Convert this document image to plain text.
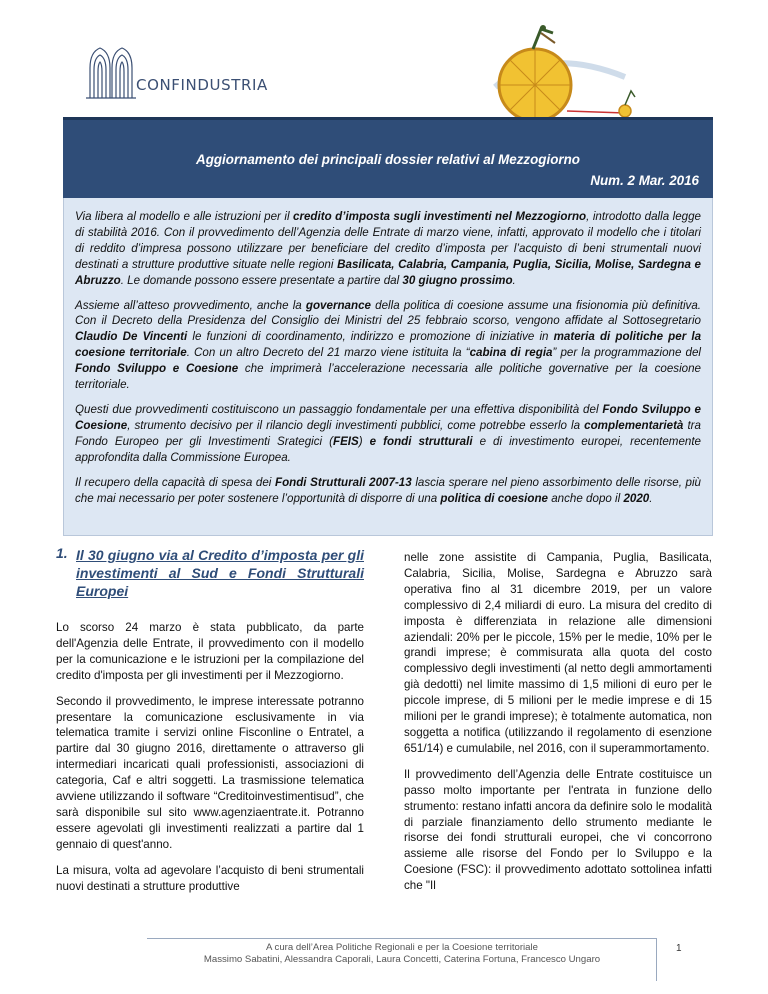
CONFINDUSTRIA
Aggiornamento dei principali dossier relativi al Mezzogiorno
Num. 2 Mar. 2016

Via libera al modello e alle istruzioni per il credito d’imposta sugli investimenti nel Mezzogiorno, introdotto dalla legge di stabilità 2016. Con il provvedimento dell’Agenzia delle Entrate di marzo viene, infatti, approvato il modello che i titolari di reddito d’impresa possono utilizzare per beneficiare del credito d’imposta per l’acquisto di beni strumentali nuovi destinati a strutture produttive situate nelle regioni Basilicata, Calabria, Campania, Puglia, Sicilia, Molise, Sardegna e Abruzzo. Le domande possono essere presentate a partire dal 30 giugno prossimo.

Assieme all’atteso provvedimento, anche la governance della politica di coesione assume una fisionomia più definitiva. Con il Decreto della Presidenza del Consiglio dei Ministri del 25 febbraio scorso, vengono affidate al Sottosegretario Claudio De Vincenti le funzioni di coordinamento, indirizzo e promozione di iniziative in materia di politiche per la coesione territoriale. Con un altro Decreto del 21 marzo viene istituita la “cabina di regia” per la programmazione del Fondo Sviluppo e Coesione che imprimerà l’accelerazione necessaria alle politiche governative per la coesione territoriale.

Questi due provvedimenti costituiscono un passaggio fondamentale per una effettiva disponibilità del Fondo Sviluppo e Coesione, strumento decisivo per il rilancio degli investimenti pubblici, come potrebbe esserlo la complementarietà tra Fondo Europeo per gli Investimenti Srategici (FEIS) e fondi strutturali e di investimento europei, recentemente approfondita dalla Commissione Europea.

Il recupero della capacità di spesa dei Fondi Strutturali 2007-13 lascia sperare nel pieno assorbimento delle risorse, più che mai necessario per poter sostenere l’opportunità di disporre di una politica di coesione anche dopo il 2020.

1. Il 30 giugno via al Credito d’imposta per gli investimenti al Sud e Fondi Strutturali Europei

Lo scorso 24 marzo è stata pubblicato, da parte dell'Agenzia delle Entrate, il provvedimento con il modello per la comunicazione e le istruzioni per la compilazione del credito d'imposta per gli investimenti per il Mezzogiorno.

Secondo il provvedimento, le imprese interessate potranno presentare la comunicazione esclusivamente in via telematica tramite i servizi online Fisconline o Entratel, a partire dal 30 giugno 2016, direttamente o attraverso gli intermediari incaricati quali professionisti, associazioni di categoria, Caf e altri soggetti. La trasmissione telematica avviene utilizzando il software “Creditoinvestimentisud”, che sarà disponibile sul sito www.agenziaentrate.it. Potranno essere agevolati gli investimenti realizzati a partire dal 1 gennaio di quest'anno.

La misura, volta ad agevolare l’acquisto di beni strumentali nuovi destinati a strutture produttive

nelle zone assistite di Campania, Puglia, Basilicata, Calabria, Sicilia, Molise, Sardegna e Abruzzo sarà operativa fino al 31 dicembre 2019, per un valore complessivo di 2,4 miliardi di euro. La misura del credito di imposta è differenziata in relazione alle dimensioni aziendali: 20% per le piccole, 15% per le medie, 10% per le grandi imprese; è commisurata alla quota del costo complessivo degli investimenti (al netto degli ammortamenti già dedotti) nel limite massimo di 1,5 milioni di euro per le piccole imprese, di 5 milioni per le medie imprese e di 15 milioni per le grandi imprese); è totalmente automatica, non soggetta a notifica (utilizzando il regolamento di esenzione 651/14) e cumulabile, nel 2016, con il superammortamento.

Il provvedimento dell’Agenzia delle Entrate costituisce un passo molto importante per l'entrata in funzione dello strumento: restano infatti ancora da definire solo le modalità di parziale finanziamento dello strumento mediante le risorse dei fondi strutturali europei, che vi concorrono assieme alle risorse del Fondo per lo Sviluppo e la Coesione (FSC): il provvedimento adottato sottolinea infatti che "Il

A cura dell’Area Politiche Regionali e per la Coesione territoriale
Massimo Sabatini, Alessandra Caporali, Laura Concetti, Caterina Fortuna, Francesco Ungaro
1
